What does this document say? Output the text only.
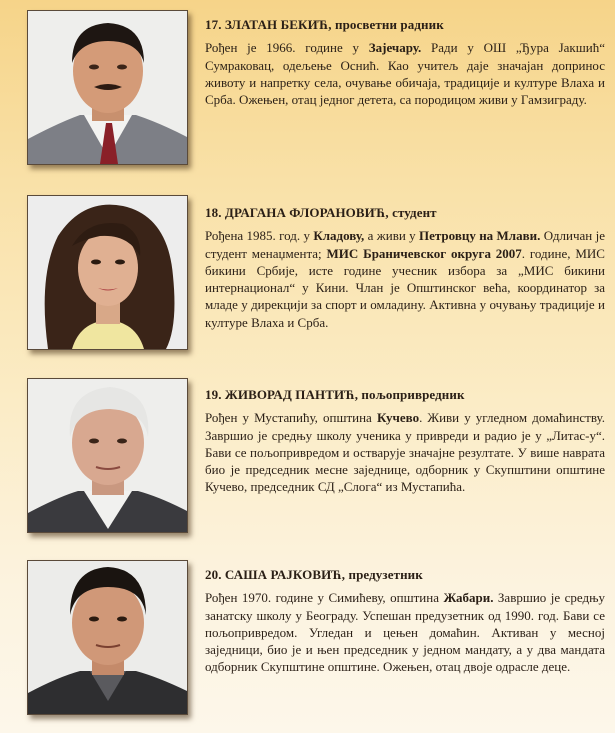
17. ЗЛАТАН БЕКИЋ, просветни радник

Рођен је 1966. године у Зајечару. Ради у ОШ „Ђура Јакшић“ Сумраковац, одељење Осниħ. Као учитељ даје значајан допринос животу и напретку села, очување обичаја, традиције и културе Влаха и Срба. Ожењен, отац једног детета, са породицом живи у Гамзиграду.

18. ДРАГАНА ФЛОРАНОВИЋ, студент

Рођена 1985. год. у Кладову, а живи у Петровцу на Млави. Одличан је студент менаџмента; МИС Браничевског округа 2007. године, МИС бикини Србије, исте године учесник избора за „МИС бикини интернационал“ у Кини. Члан је Општинског већа, координатор за младе у дирекцији за спорт и омладину. Активна у очувању традиције и културе Влаха и Срба.

19. ЖИВОРАД ПАНТИЋ, пољопривредник

Рођен у Мустапићу, општина Кучево. Живи у угледном домаћинству. Завршио је средњу школу ученика у привреди и радио је у „Литас-у“. Бави се пољопривредом и остварује значајне резултате. У више наврата био је председник месне заједнице, одборник у Скупштини општине Кучево, председник СД „Слога“ из Мустапића.

20. САША РАЈКОВИЋ, предузетник

Рођен 1970. године у Симићеву, општина Жабари. Завршио је средњу занатску школу у Београду. Успешан предузетник од 1990. год. Бави се пољопривредом. Угледан и цењен домаћин. Активан у месној заједници, био је и њен председник у једном мандату, а у два мандата одборник Скупштине општине. Ожењен, отац двоје одрасле деце.
